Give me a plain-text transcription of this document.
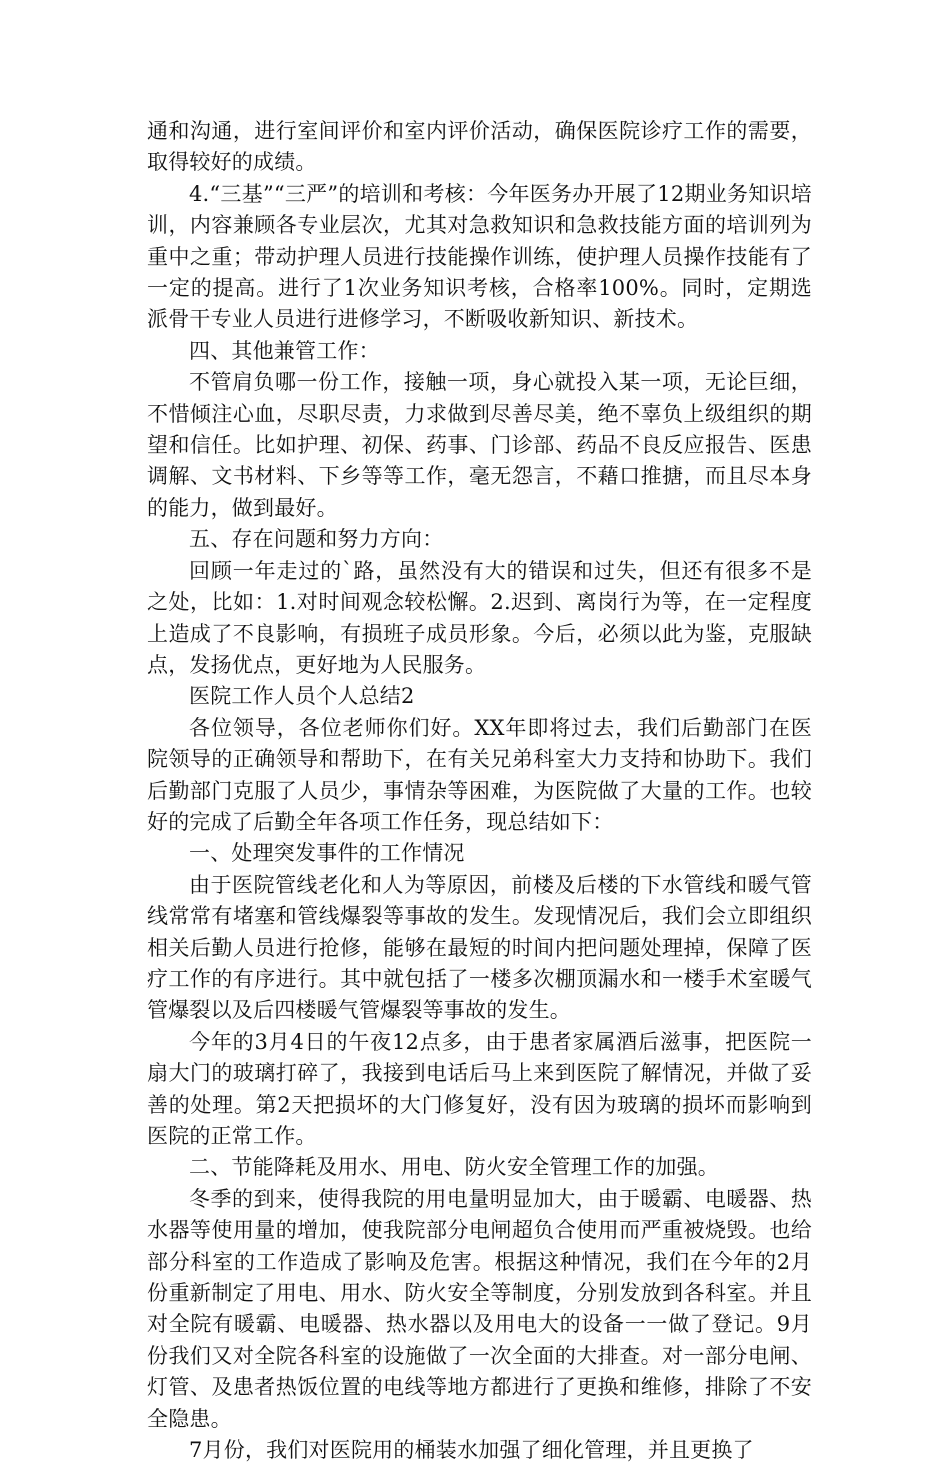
通和沟通，进行室间评价和室内评价活动，确保医院诊疗工作的需要，取得较好的成绩。

4.“三基”“三严”的培训和考核：今年医务办开展了12期业务知识培训，内容兼顾各专业层次，尤其对急救知识和急救技能方面的培训列为重中之重；带动护理人员进行技能操作训练，使护理人员操作技能有了一定的提高。进行了1次业务知识考核，合格率100%。同时，定期选派骨干专业人员进行进修学习，不断吸收新知识、新技术。

四、其他兼管工作：

不管肩负哪一份工作，接触一项，身心就投入某一项，无论巨细，不惜倾注心血，尽职尽责，力求做到尽善尽美，绝不辜负上级组织的期望和信任。比如护理、初保、药事、门诊部、药品不良反应报告、医患调解、文书材料、下乡等等工作，毫无怨言，不藉口推搪，而且尽本身的能力，做到最好。

五、存在问题和努力方向：

回顾一年走过的`路，虽然没有大的错误和过失，但还有很多不是之处，比如：1.对时间观念较松懈。2.迟到、离岗行为等，在一定程度上造成了不良影响，有损班子成员形象。今后，必须以此为鉴，克服缺点，发扬优点，更好地为人民服务。

医院工作人员个人总结2

各位领导，各位老师你们好。XX年即将过去，我们后勤部门在医院领导的正确领导和帮助下，在有关兄弟科室大力支持和协助下。我们后勤部门克服了人员少，事情杂等困难，为医院做了大量的工作。也较好的完成了后勤全年各项工作任务，现总结如下：

一、处理突发事件的工作情况

由于医院管线老化和人为等原因，前楼及后楼的下水管线和暖气管线常常有堵塞和管线爆裂等事故的发生。发现情况后，我们会立即组织相关后勤人员进行抢修，能够在最短的时间内把问题处理掉，保障了医疗工作的有序进行。其中就包括了一楼多次棚顶漏水和一楼手术室暖气管爆裂以及后四楼暖气管爆裂等事故的发生。

今年的3月4日的午夜12点多，由于患者家属酒后滋事，把医院一扇大门的玻璃打碎了，我接到电话后马上来到医院了解情况，并做了妥善的处理。第2天把损坏的大门修复好，没有因为玻璃的损坏而影响到医院的正常工作。

二、节能降耗及用水、用电、防火安全管理工作的加强。

冬季的到来，使得我院的用电量明显加大，由于暖霸、电暖器、热水器等使用量的增加，使我院部分电闸超负合使用而严重被烧毁。也给部分科室的工作造成了影响及危害。根据这种情况，我们在今年的2月份重新制定了用电、用水、防火安全等制度，分别发放到各科室。并且对全院有暖霸、电暖器、热水器以及用电大的设备一一做了登记。9月份我们又对全院各科室的设施做了一次全面的大排查。对一部分电闸、灯管、及患者热饭位置的电线等地方都进行了更换和维修，排除了不安全隐患。

7月份，我们对医院用的桶装水加强了细化管理，并且更换了
